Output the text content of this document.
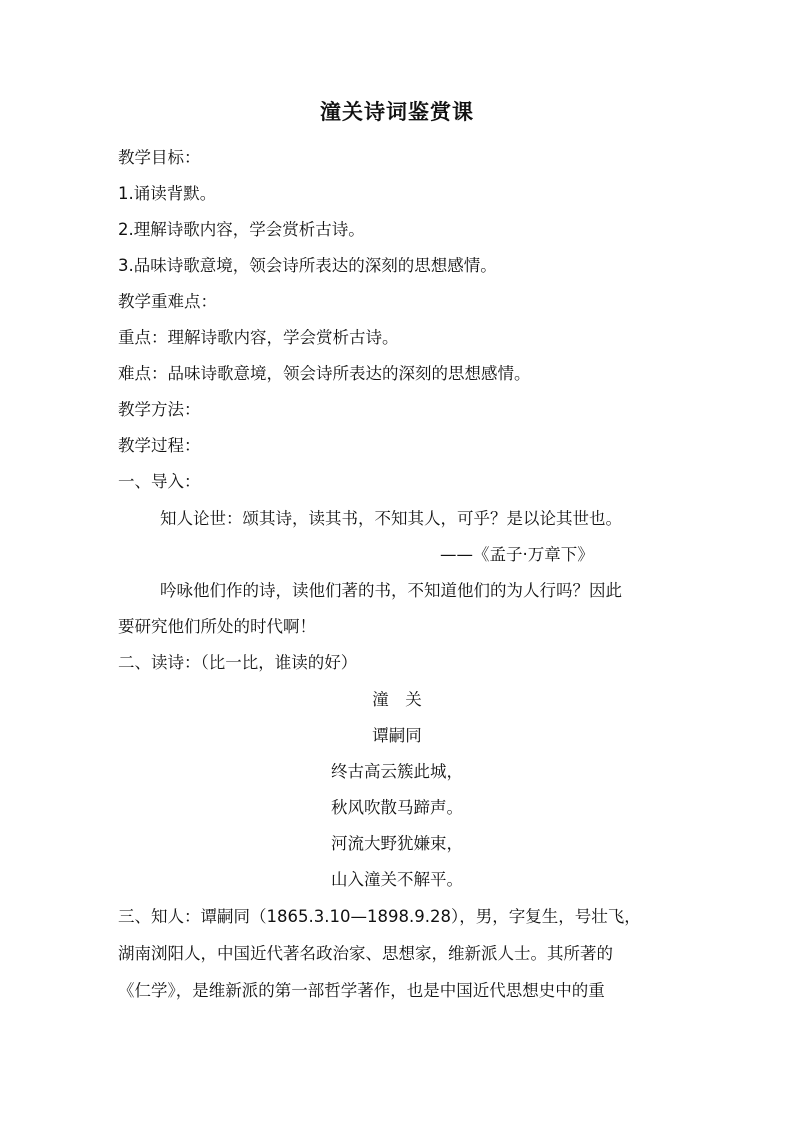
潼关诗词鉴赏课
教学目标：
1.诵读背默。
2.理解诗歌内容，学会赏析古诗。
3.品味诗歌意境，领会诗所表达的深刻的思想感情。
教学重难点：
重点：理解诗歌内容，学会赏析古诗。
难点：品味诗歌意境，领会诗所表达的深刻的思想感情。
教学方法：
教学过程：
一、导入：
知人论世：颂其诗，读其书，不知其人，可乎？是以论其世也。
——《孟子·万章下》
吟咏他们作的诗，读他们著的书，不知道他们的为人行吗？因此
要研究他们所处的时代啊！
二、读诗：（比一比，谁读的好）
潼　关
谭嗣同
终古高云簇此城，
秋风吹散马蹄声。
河流大野犹嫌束，
山入潼关不解平。
三、知人：谭嗣同（1865.3.10—1898.9.28），男，字复生，号壮飞，
湖南浏阳人，中国近代著名政治家、思想家，维新派人士。其所著的
《仁学》，是维新派的第一部哲学著作，也是中国近代思想史中的重
